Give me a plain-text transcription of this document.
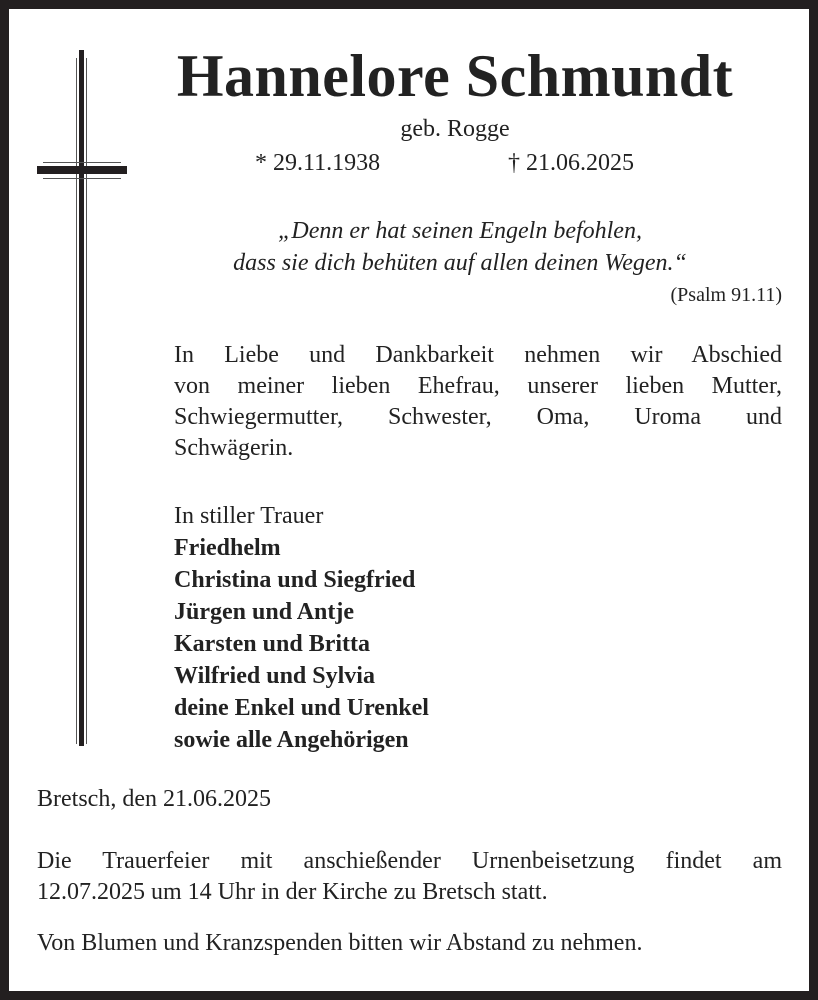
Hannelore Schmundt
geb. Rogge
* 29.11.1938	† 21.06.2025
„Denn er hat seinen Engeln befohlen,
dass sie dich behüten auf allen deinen Wegen.“
(Psalm 91.11)
In Liebe und Dankbarkeit nehmen wir Abschied
von meiner lieben Ehefrau, unserer lieben Mutter,
Schwiegermutter, Schwester, Oma, Uroma und
Schwägerin.
In stiller Trauer
Friedhelm
Christina und Siegfried
Jürgen und Antje
Karsten und Britta
Wilfried und Sylvia
deine Enkel und Urenkel
sowie alle Angehörigen
Bretsch, den 21.06.2025
Die Trauerfeier mit anschießender Urnenbeisetzung findet am
12.07.2025 um 14 Uhr in der Kirche zu Bretsch statt.
Von Blumen und Kranzspenden bitten wir Abstand zu nehmen.
